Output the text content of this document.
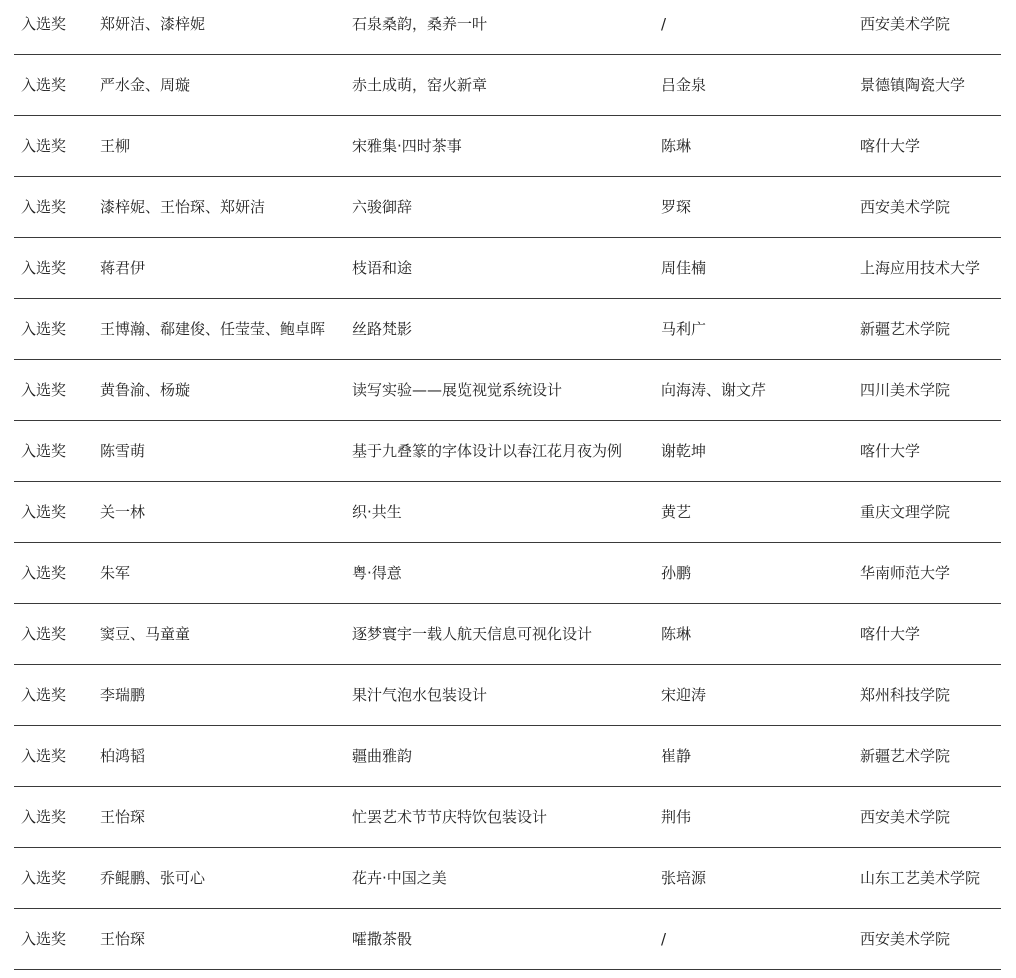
入选奖	郑妍洁、漆梓妮	石泉桑韵，桑养一叶	/	西安美术学院
入选奖	严水金、周璇	赤土成萌，窑火新章	吕金泉	景德镇陶瓷大学
入选奖	王柳	宋雅集·四时茶事	陈琳	喀什大学
入选奖	漆梓妮、王怡琛、郑妍洁	六骏御辞	罗琛	西安美术学院
入选奖	蒋君伊	枝语和途	周佳楠	上海应用技术大学
入选奖	王博瀚、郗建俊、任莹莹、鲍卓晖	丝路梵影	马利广	新疆艺术学院
入选奖	黄鲁渝、杨璇	读写实验——展览视觉系统设计	向海涛、谢文芹	四川美术学院
入选奖	陈雪萌	基于九叠篆的字体设计以春江花月夜为例	谢乾坤	喀什大学
入选奖	关一林	织·共生	黄艺	重庆文理学院
入选奖	朱军	粤·得意	孙鹏	华南师范大学
入选奖	窦豆、马童童	逐梦寰宇一载人航天信息可视化设计	陈琳	喀什大学
入选奖	李瑞鹏	果汁气泡水包装设计	宋迎涛	郑州科技学院
入选奖	柏鸿韬	疆曲雅韵	崔静	新疆艺术学院
入选奖	王怡琛	忙罢艺术节节庆特饮包装设计	荆伟	西安美术学院
入选奖	乔鲲鹏、张可心	花卉·中国之美	张培源	山东工艺美术学院
入选奖	王怡琛	嚯撒茶骰	/	西安美术学院
